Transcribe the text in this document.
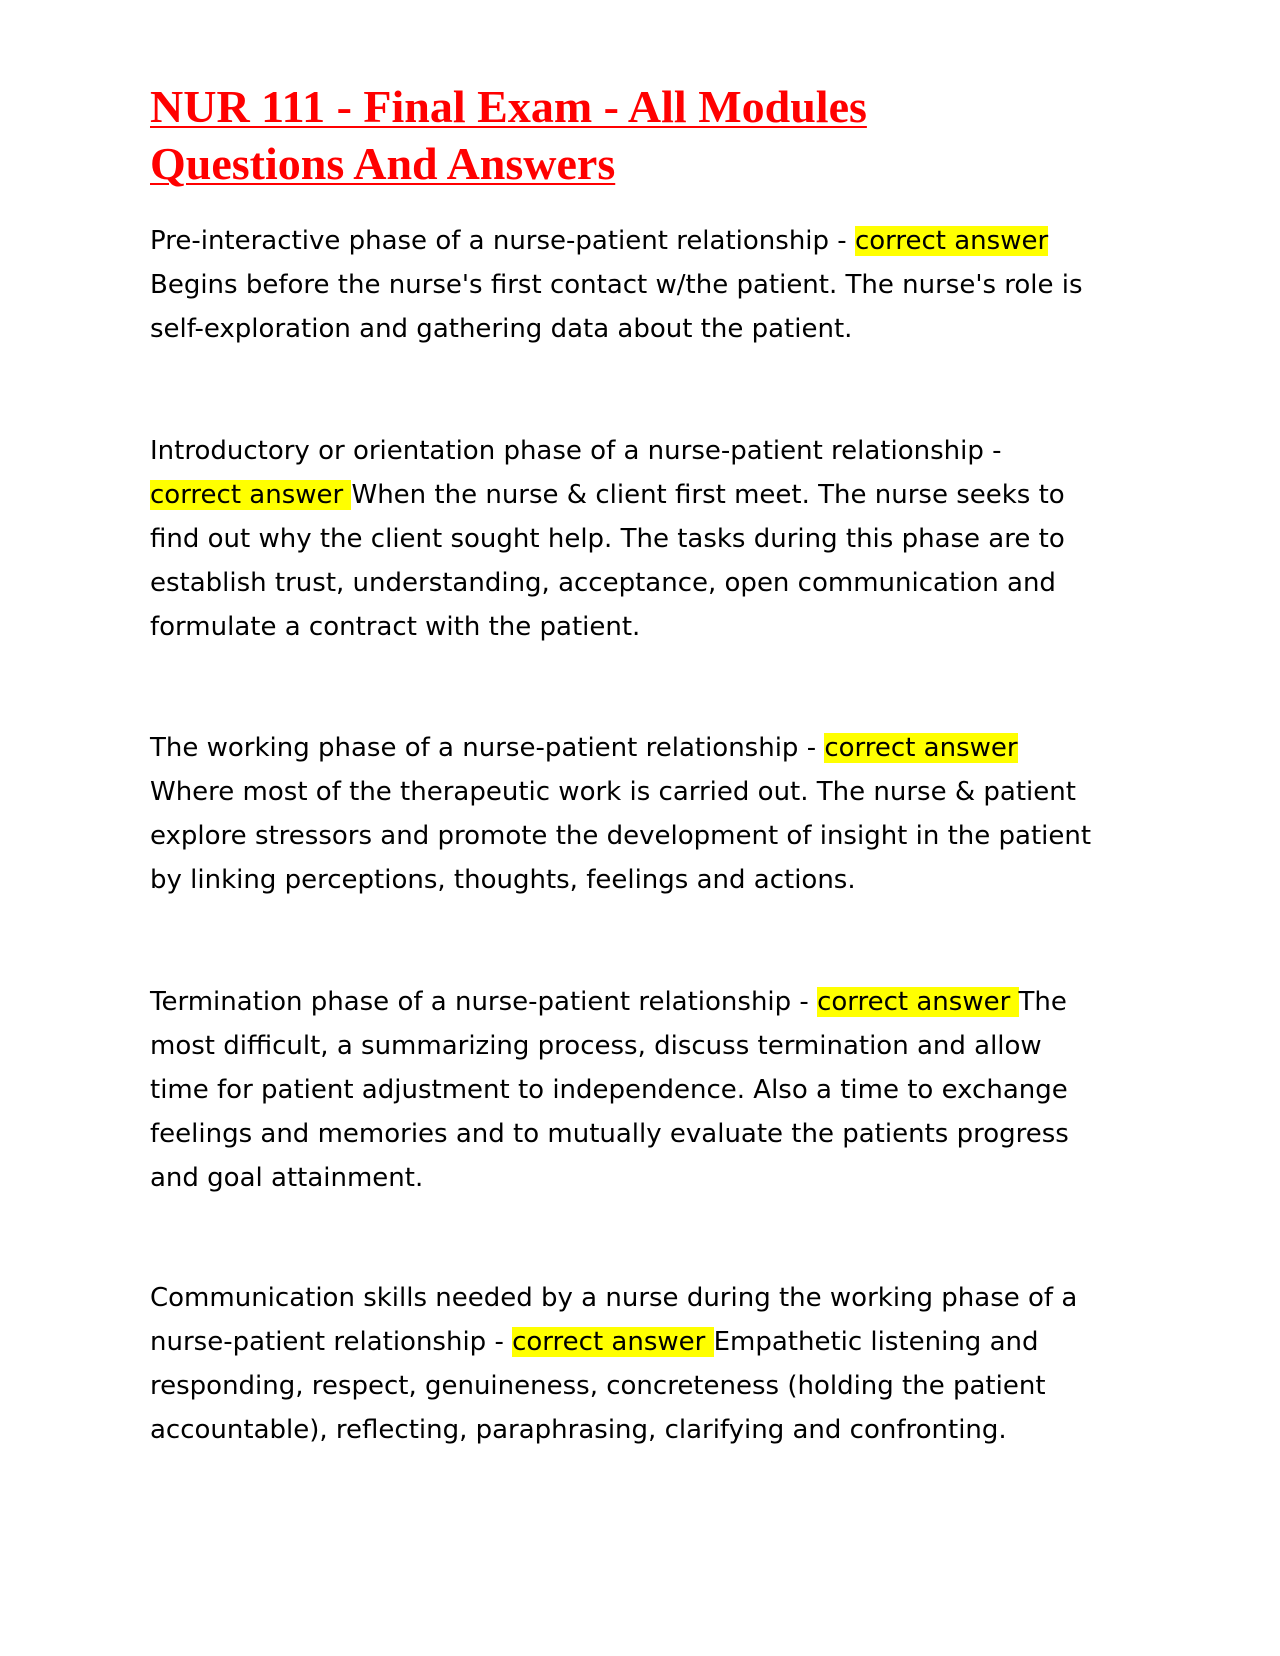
NUR 111 - Final Exam - All Modules
Questions And Answers

Pre-interactive phase of a nurse-patient relationship - correct answer
Begins before the nurse's first contact w/the patient. The nurse's role is
self-exploration and gathering data about the patient.

Introductory or orientation phase of a nurse-patient relationship -
correct answer When the nurse & client first meet. The nurse seeks to
find out why the client sought help. The tasks during this phase are to
establish trust, understanding, acceptance, open communication and
formulate a contract with the patient.

The working phase of a nurse-patient relationship - correct answer
Where most of the therapeutic work is carried out. The nurse & patient
explore stressors and promote the development of insight in the patient
by linking perceptions, thoughts, feelings and actions.

Termination phase of a nurse-patient relationship - correct answer The
most difficult, a summarizing process, discuss termination and allow
time for patient adjustment to independence. Also a time to exchange
feelings and memories and to mutually evaluate the patients progress
and goal attainment.

Communication skills needed by a nurse during the working phase of a
nurse-patient relationship - correct answer Empathetic listening and
responding, respect, genuineness, concreteness (holding the patient
accountable), reflecting, paraphrasing, clarifying and confronting.
